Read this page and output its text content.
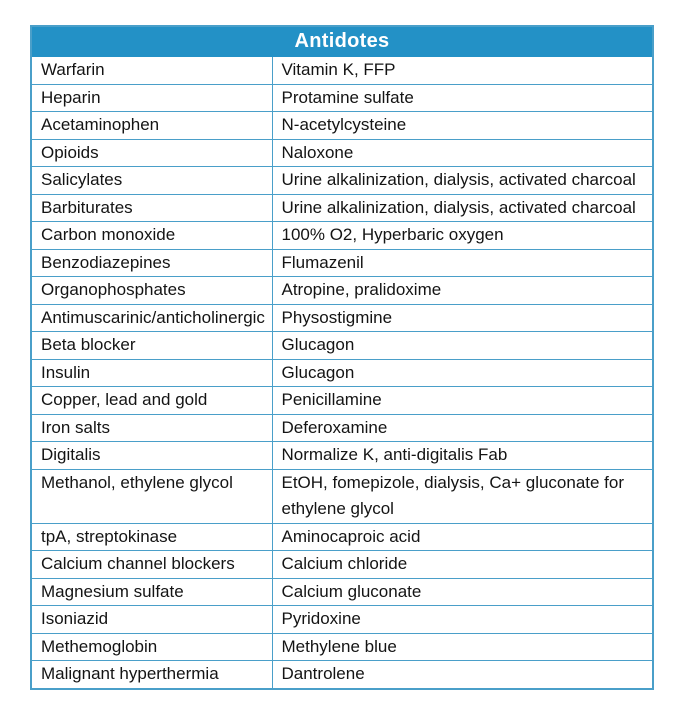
Antidotes	
Warfarin	Vitamin K, FFP
Heparin	Protamine sulfate
Acetaminophen	N-acetylcysteine
Opioids	Naloxone
Salicylates	Urine alkalinization, dialysis, activated charcoal
Barbiturates	Urine alkalinization, dialysis, activated charcoal
Carbon monoxide	100% O2, Hyperbaric oxygen
Benzodiazepines	Flumazenil
Organophosphates	Atropine, pralidoxime
Antimuscarinic/anticholinergic	Physostigmine
Beta blocker	Glucagon
Insulin	Glucagon
Copper, lead and gold	Penicillamine
Iron salts	Deferoxamine
Digitalis	Normalize K, anti-digitalis Fab
Methanol, ethylene glycol	EtOH, fomepizole, dialysis, Ca+ gluconate for ethylene glycol
tpA, streptokinase	Aminocaproic acid
Calcium channel blockers	Calcium chloride
Magnesium sulfate	Calcium gluconate
Isoniazid	Pyridoxine
Methemoglobin	Methylene blue
Malignant hyperthermia	Dantrolene
